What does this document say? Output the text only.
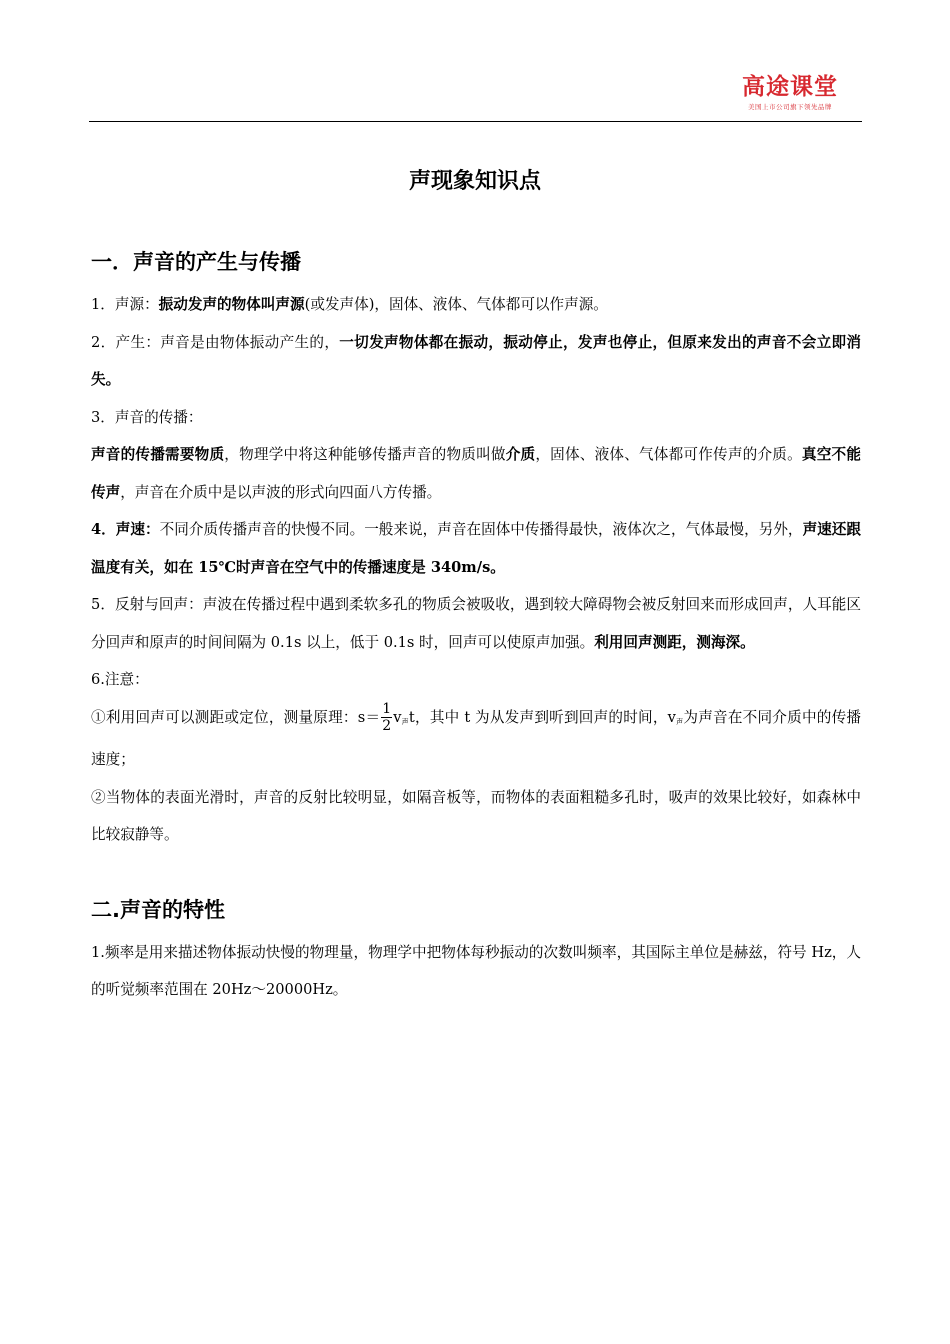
高途课堂
美国上市公司旗下领先品牌
声现象知识点
一．声音的产生与传播

1．声源：振动发声的物体叫声源(或发声体)，固体、液体、气体都可以作声源。

2．产生：声音是由物体振动产生的，一切发声物体都在振动，振动停止，发声也停止，但原来发出的声音不会立即消失。

3．声音的传播：

声音的传播需要物质，物理学中将这种能够传播声音的物质叫做介质，固体、液体、气体都可作传声的介质。真空不能传声，声音在介质中是以声波的形式向四面八方传播。

4．声速：不同介质传播声音的快慢不同。一般来说，声音在固体中传播得最快，液体次之，气体最慢，另外，声速还跟温度有关，如在 15℃时声音在空气中的传播速度是 340m/s。

5．反射与回声：声波在传播过程中遇到柔软多孔的物质会被吸收，遇到较大障碍物会被反射回来而形成回声，人耳能区分回声和原声的时间间隔为 0.1s 以上，低于 0.1s 时，回声可以使原声加强。利用回声测距，测海深。

6.注意：

①利用回声可以测距或定位，测量原理：$s= \frac{1}{2} v_声t$，其中 t 为从发声到听到回声的时间，$v_声$为声音在不同介质中的传播速度；

②当物体的表面光滑时，声音的反射比较明显，如隔音板等，而物体的表面粗糙多孔时，吸声的效果比较好，如森林中比较寂静等。

二.声音的特性

1.频率是用来描述物体振动快慢的物理量，物理学中把物体每秒振动的次数叫频率，其国际主单位是赫兹，符号 Hz，人的听觉频率范围在 20Hz～20000Hz。
